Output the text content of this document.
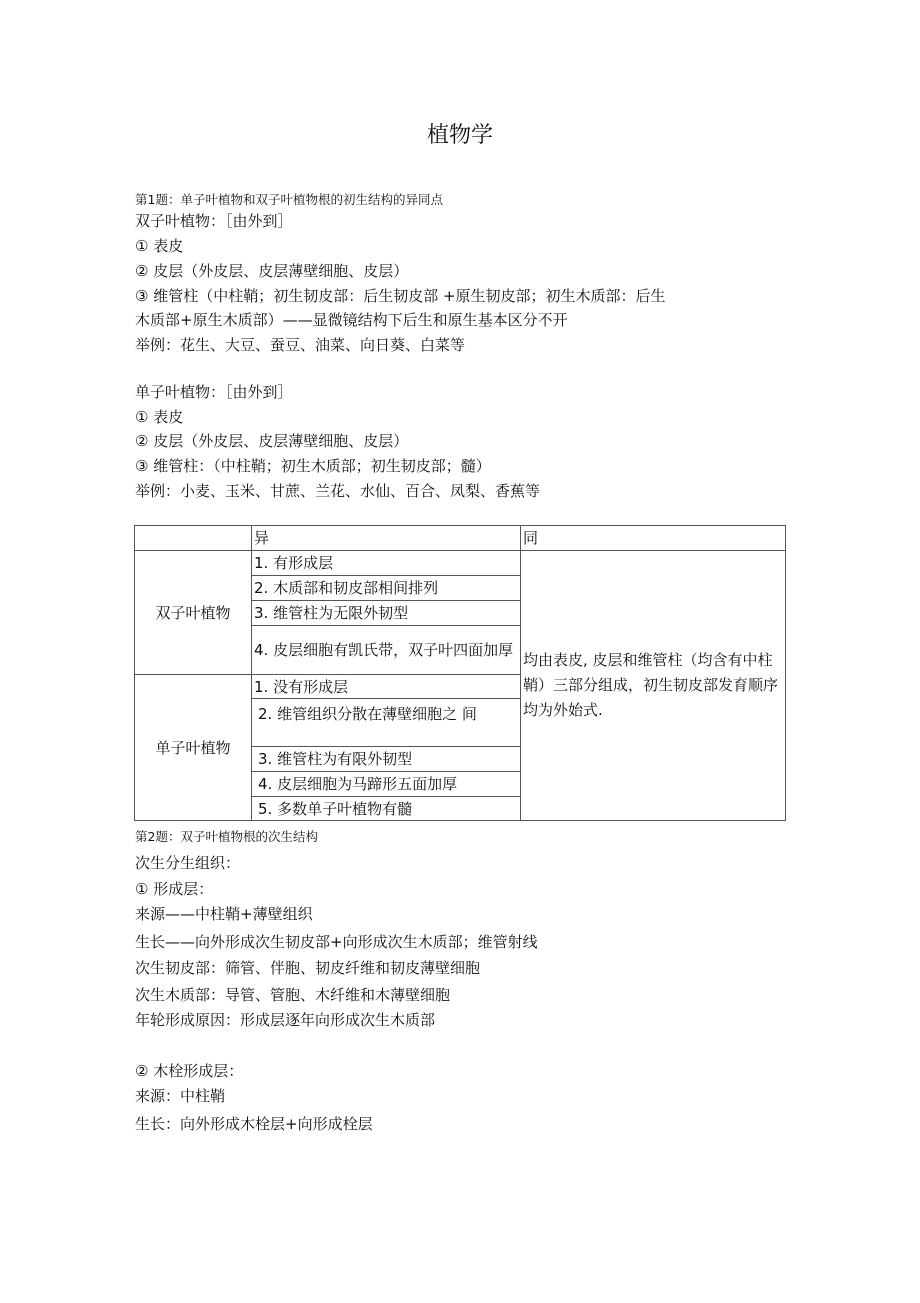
植物学
第1题：单子叶植物和双子叶植物根的初生结构的异同点
双子叶植物：［由外到］
① 表皮
② 皮层（外皮层、皮层薄壁细胞、皮层）
③ 维管柱（中柱鞘；初生韧皮部：后生韧皮部 +原生韧皮部；初生木质部：后生
木质部+原生木质部）——显微镜结构下后生和原生基本区分不开
举例：花生、大豆、蚕豆、油菜、向日葵、白菜等
单子叶植物：［由外到］
① 表皮
② 皮层（外皮层、皮层薄壁细胞、皮层）
③ 维管柱：（中柱鞘；初生木质部；初生韧皮部；髓）
举例：小麦、玉米、甘蔗、兰花、水仙、百合、凤梨、香蕉等
	异	同
双子叶植物	1. 有形成层	均由表皮, 皮层和维管柱（均含有中柱鞘）三部分组成，初生韧皮部发育顺序均为外始式.
	2. 木质部和韧皮部相间排列	
	3. 维管柱为无限外韧型	
	4. 皮层细胞有凯氏带，双子叶四面加厚	
单子叶植物	1. 没有形成层	
	2. 维管组织分散在薄壁细胞之 间	
	3. 维管柱为有限外韧型	
	4. 皮层细胞为马蹄形五面加厚	
	5. 多数单子叶植物有髓	
第2题：双子叶植物根的次生结构
次生分生组织：
① 形成层：
来源——中柱鞘+薄壁组织
生长——向外形成次生韧皮部+向形成次生木质部；维管射线
次生韧皮部：筛管、伴胞、韧皮纤维和韧皮薄壁细胞
次生木质部：导管、管胞、木纤维和木薄壁细胞
年轮形成原因：形成层逐年向形成次生木质部
② 木栓形成层：
来源：中柱鞘
生长：向外形成木栓层+向形成栓层
